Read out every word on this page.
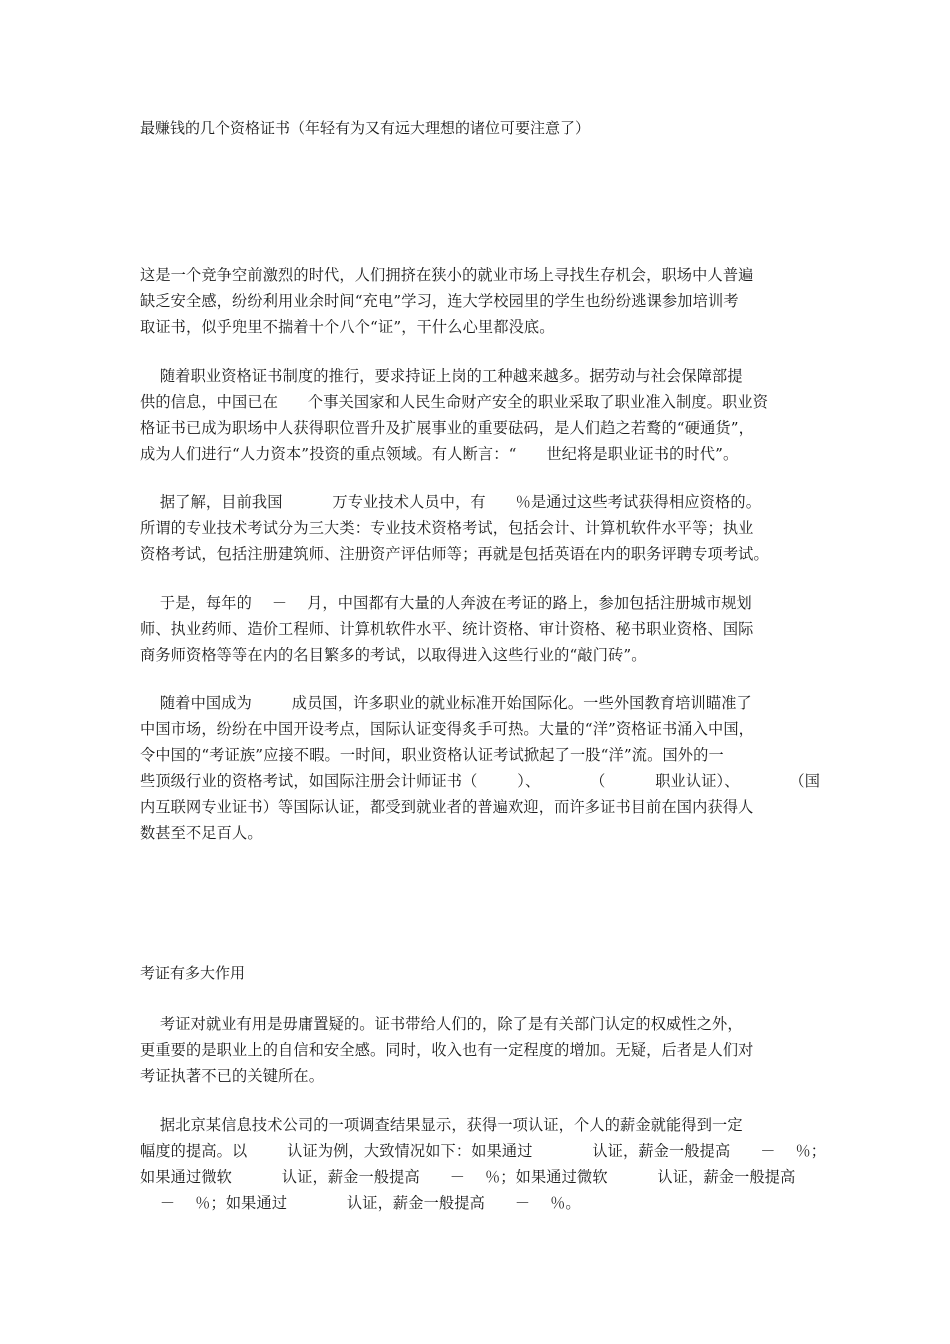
最赚钱的几个资格证书（年轻有为又有远大理想的诸位可要注意了）
这是一个竞争空前激烈的时代，人们拥挤在狭小的就业市场上寻找生存机会，职场中人普遍
缺乏安全感，纷纷利用业余时间“充电”学习，连大学校园里的学生也纷纷逃课参加培训考
取证书，似乎兜里不揣着十个八个“证”，干什么心里都没底。
随着职业资格证书制度的推行，要求持证上岗的工种越来越多。据劳动与社会保障部提
供的信息，中国已在      个事关国家和人民生命财产安全的职业采取了职业准入制度。职业资
格证书已成为职场中人获得职位晋升及扩展事业的重要砝码，是人们趋之若鹜的“硬通货”，
成为人们进行“人力资本”投资的重点领域。有人断言：“      世纪将是职业证书的时代”。
据了解，目前我国          万专业技术人员中，有      ％是通过这些考试获得相应资格的。
所谓的专业技术考试分为三大类：专业技术资格考试，包括会计、计算机软件水平等；执业
资格考试，包括注册建筑师、注册资产评估师等；再就是包括英语在内的职务评聘专项考试。
于是，每年的    －    月，中国都有大量的人奔波在考证的路上，参加包括注册城市规划
师、执业药师、造价工程师、计算机软件水平、统计资格、审计资格、秘书职业资格、国际
商务师资格等等在内的名目繁多的考试，以取得进入这些行业的“敲门砖”。
随着中国成为        成员国，许多职业的就业标准开始国际化。一些外国教育培训瞄准了
中国市场，纷纷在中国开设考点，国际认证变得炙手可热。大量的“洋”资格证书涌入中国，
令中国的“考证族”应接不暇。一时间，职业资格认证考试掀起了一股“洋”流。国外的一
些顶级行业的资格考试，如国际注册会计师证书（        ）、          （          职业认证）、          （国
内互联网专业证书）等国际认证，都受到就业者的普遍欢迎，而许多证书目前在国内获得人
数甚至不足百人。
考证有多大作用
考证对就业有用是毋庸置疑的。证书带给人们的，除了是有关部门认定的权威性之外，
更重要的是职业上的自信和安全感。同时，收入也有一定程度的增加。无疑，后者是人们对
考证执著不已的关键所在。
据北京某信息技术公司的一项调查结果显示，获得一项认证，个人的薪金就能得到一定
幅度的提高。以        认证为例，大致情况如下：如果通过            认证，薪金一般提高      －    ％；
如果通过微软          认证，薪金一般提高      －    ％；如果通过微软          认证，薪金一般提高
－    ％；如果通过            认证，薪金一般提高      －    ％。
